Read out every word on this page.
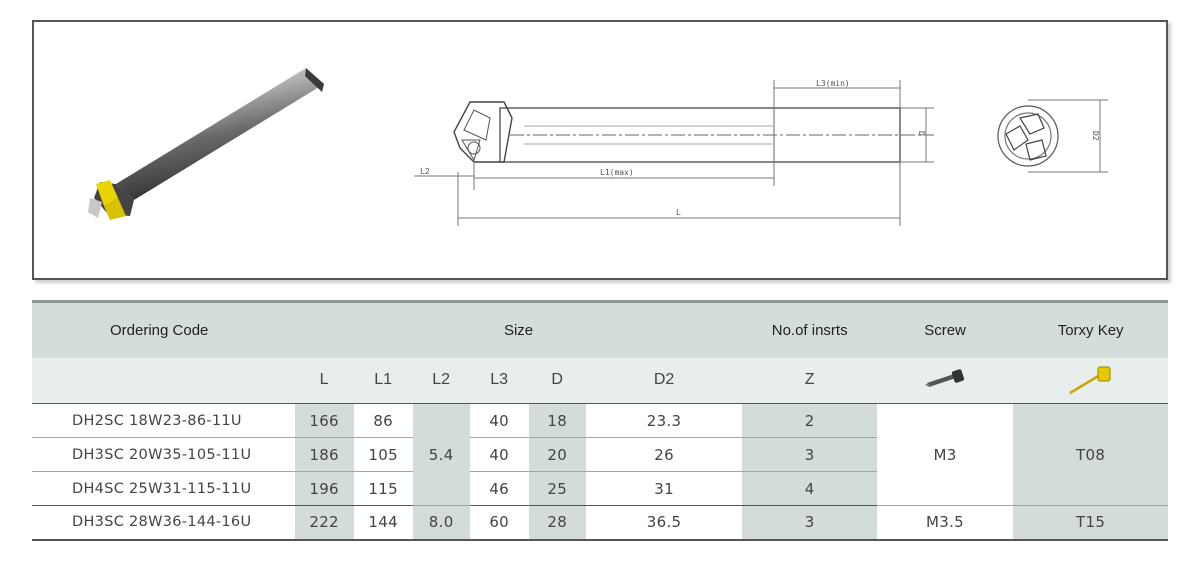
L3(min)
L2	L1(max)
L
D	D2
Ordering Code	Size						No.of insrts	Screw	Torxy Key
	L	L1	L2	L3	D	D2	Z		
DH2SC 18W23-86-11U	166	86	5.4	40	18	23.3	2	M3	T08
DH3SC 20W35-105-11U	186	105		40	20	26	3		
DH4SC 25W31-115-11U	196	115		46	25	31	4		
DH3SC 28W36-144-16U	222	144	8.0	60	28	36.5	3	M3.5	T15
